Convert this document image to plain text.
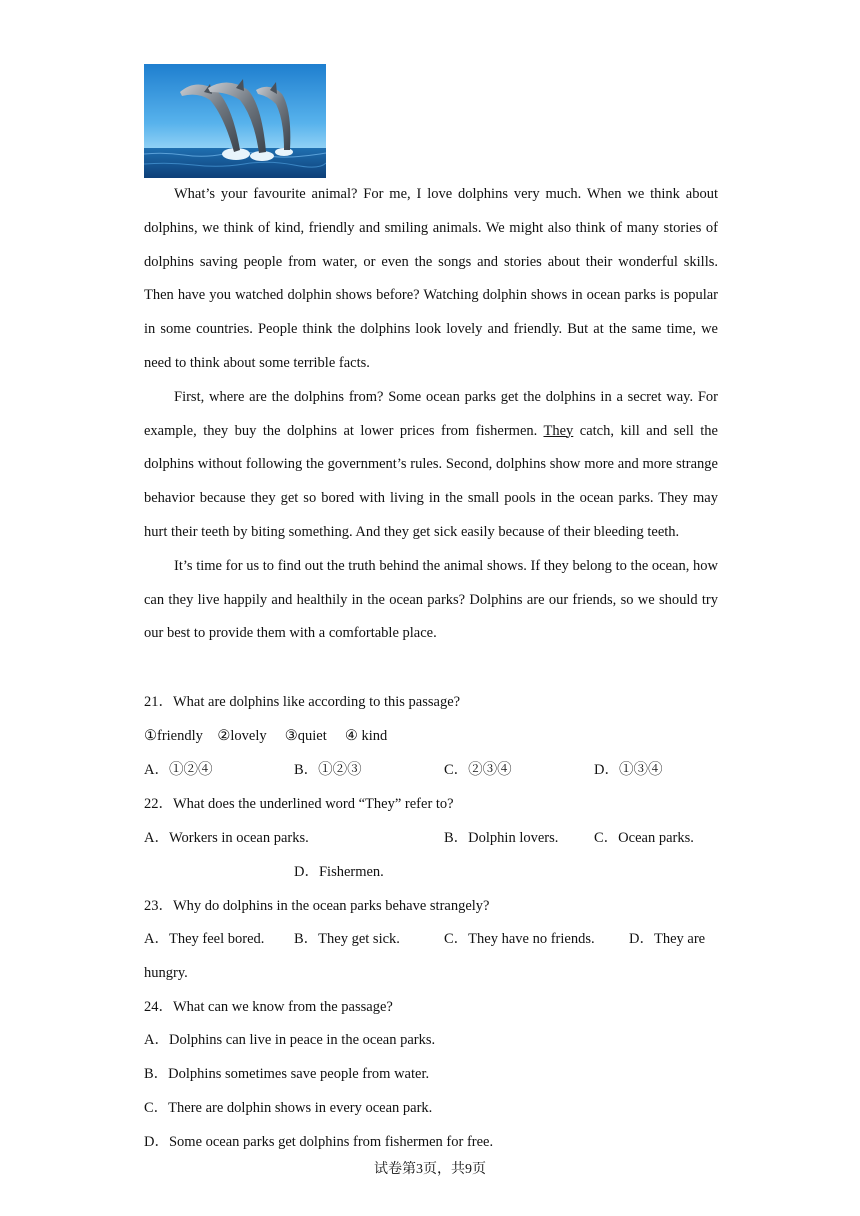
What’s your favourite animal? For me, I love dolphins very much. When we think about dolphins, we think of kind, friendly and smiling animals. We might also think of many stories of dolphins saving people from water, or even the songs and stories about their wonderful skills. Then have you watched dolphin shows before? Watching dolphin shows in ocean parks is popular in some countries. People think the dolphins look lovely and friendly. But at the same time, we need to think about some terrible facts.

First, where are the dolphins from? Some ocean parks get the dolphins in a secret way. For example, they buy the dolphins at lower prices from fishermen. They catch, kill and sell the dolphins without following the government’s rules. Second, dolphins show more and more strange behavior because they get so bored with living in the small pools in the ocean parks. They may hurt their teeth by biting something. And they get sick easily because of their bleeding teeth.

It’s time for us to find out the truth behind the animal shows. If they belong to the ocean, how can they live happily and healthily in the ocean parks? Dolphins are our friends, so we should try our best to provide them with a comfortable place.

21．What are dolphins like according to this passage?
①friendly    ②lovely     ③quiet     ④ kind
A．①②④	B．①②③	C．②③④	D．①③④
22．What does the underlined word “They” refer to?
A．Workers in ocean parks.	B．Dolphin lovers. C．Ocean parks.
D．Fishermen.
23．Why do dolphins in the ocean parks behave strangely?
A．They feel bored. B．They get sick.	C．They have no friends. D．They are
hungry.
24．What can we know from the passage?
A．Dolphins can live in peace in the ocean parks.
B．Dolphins sometimes save people from water.
C．There are dolphin shows in every ocean park.
D．Some ocean parks get dolphins from fishermen for free.
试卷第3页，共9页
